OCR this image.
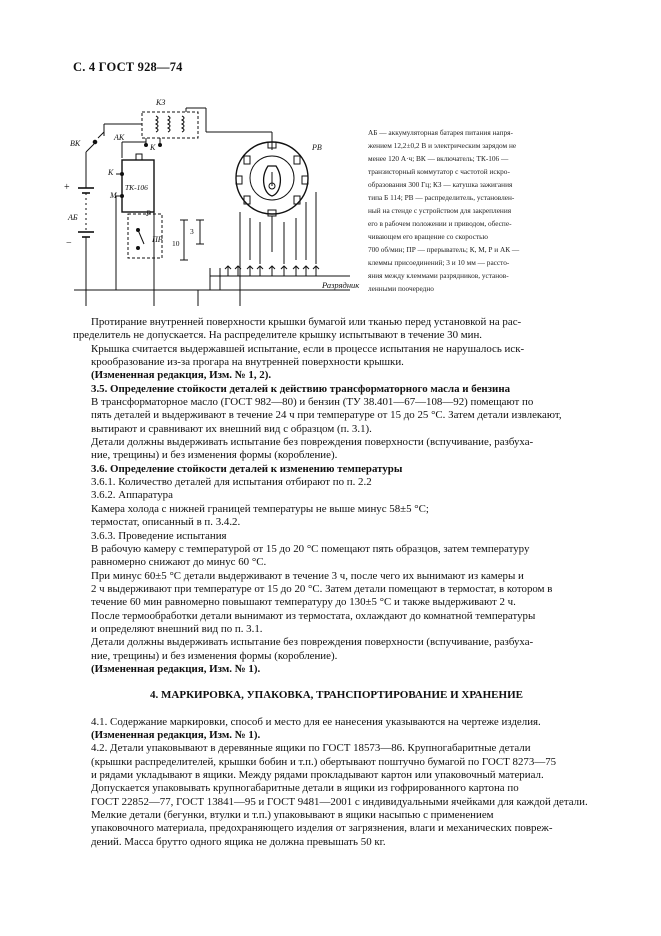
С. 4 ГОСТ 928—74
+
−
АБ
ВК
КЗ
К
АК
ТК-106
К
М
Р
ПР
РВ
Разрядник
10
3
АБ — аккумуляторная батарея питания напря-
жением 12,2±0,2 В и электрическим зарядом не
менее 120 А·ч; ВК — включатель; ТК-106 —
транзисторный коммутатор с частотой искро-
образования 300 Гц; КЗ — катушка зажигания
типа Б 114; РВ — распределитель, установлен-
ный на стенде с устройством для закрепления
его в рабочем положении и приводом, обеспе-
чивающем его вращение со скоростью
700 об/мин; ПР — прерыватель; К, М, Р и АК —
клеммы присоединений; 3 и 10 мм — рассто-
яния между клеммами разрядников, установ-
ленными поочередно

Протирание внутренней поверхности крышки бумагой или тканью перед установкой на рас-
пределитель не допускается. На распределителе крышку испытывают в течение 30 мин.

Крышка считается выдержавшей испытание, если в процессе испытания не нарушалось иск-
крообразование из-за прогара на внутренней поверхности крышки.

(Измененная редакция, Изм. № 1, 2).

3.5. Определение стойкости деталей к действию трансформаторного масла и бензина

В трансформаторное масло (ГОСТ 982—80) и бензин (ТУ 38.401—67—108—92) помещают по
пять деталей и выдерживают в течение 24 ч при температуре от 15 до 25 °С. Затем детали извлекают,
вытирают и сравнивают их внешний вид с образцом (п. 3.1).

Детали должны выдерживать испытание без повреждения поверхности (вспучивание, разбуха-
ние, трещины) и без изменения формы (коробление).

3.6. Определение стойкости деталей к изменению температуры

3.6.1. Количество деталей для испытания отбирают по п. 2.2

3.6.2. Аппаратура

Камера холода с нижней границей температуры не выше минус 58±5 °С;

термостат, описанный в п. 3.4.2.

3.6.3. Проведение испытания

В рабочую камеру с температурой от 15 до 20 °С помещают пять образцов, затем температуру
равномерно снижают до минус 60 °С.

При минус 60±5 °С детали выдерживают в течение 3 ч, после чего их вынимают из камеры и
2 ч выдерживают при температуре от 15 до 20 °С. Затем детали помещают в термостат, в котором в
течение 60 мин равномерно повышают температуру до 130±5 °С и также выдерживают 2 ч.

После термообработки детали вынимают из термостата, охлаждают до комнатной температуры
и определяют внешний вид по п. 3.1.

Детали должны выдерживать испытание без повреждения поверхности (вспучивание, разбуха-
ние, трещины) и без изменения формы (коробление).

(Измененная редакция, Изм. № 1).

4. МАРКИРОВКА, УПАКОВКА, ТРАНСПОРТИРОВАНИЕ И ХРАНЕНИЕ

4.1. Содержание маркировки, способ и место для ее нанесения указываются на чертеже изделия.

(Измененная редакция, Изм. № 1).

4.2. Детали упаковывают в деревянные ящики по ГОСТ 18573—86. Крупногабаритные детали
(крышки распределителей, крышки бобин и т.п.) обертывают поштучно бумагой по ГОСТ 8273—75
и рядами укладывают в ящики. Между рядами прокладывают картон или упаковочный материал.
Допускается упаковывать крупногабаритные детали в ящики из гофрированного картона по
ГОСТ 22852—77, ГОСТ 13841—95 и ГОСТ 9481—2001 с индивидуальными ячейками для каждой детали.

Мелкие детали (бегунки, втулки и т.п.) упаковывают в ящики насыпью с применением
упаковочного материала, предохраняющего изделия от загрязнения, влаги и механических повреж-
дений. Масса брутто одного ящика не должна превышать 50 кг.
